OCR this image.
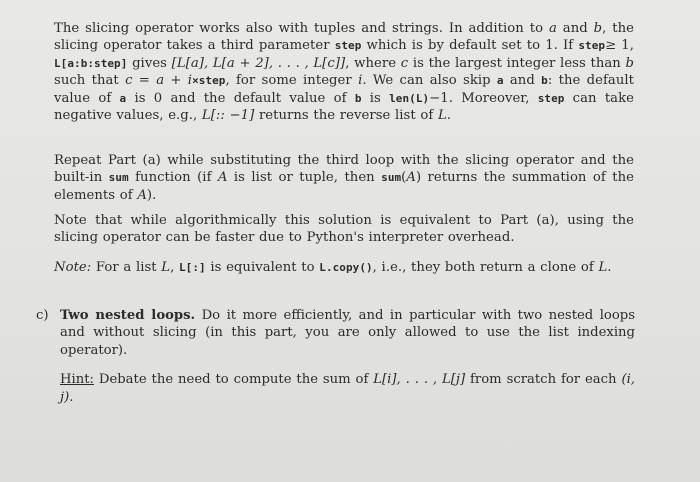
The slicing operator works also with tuples and strings. In addition to a and b, the slicing operator takes a third parameter step which is by default set to 1. If step≥ 1, L[a:b:step] gives [L[a], L[a + 2], . . . , L[c]], where c is the largest integer less than b such that c = a + i×step, for some integer i. We can also skip a and b: the default value of a is 0 and the default value of b is len(L)−1. Moreover, step can take negative values, e.g., L[:: −1] returns the reverse list of L.

Repeat Part (a) while substituting the third loop with the slicing operator and the built-in sum function (if A is list or tuple, then sum(A) returns the summation of the elements of A).

Note that while algorithmically this solution is equivalent to Part (a), using the slicing operator can be faster due to Python's interpreter overhead.

Note: For a list L, L[:] is equivalent to L.copy(), i.e., they both return a clone of L.

c) Two nested loops. Do it more efficiently, and in particular with two nested loops and without slicing (in this part, you are only allowed to use the list indexing operator).

Hint: Debate the need to compute the sum of L[i], . . . , L[j] from scratch for each (i, j).
